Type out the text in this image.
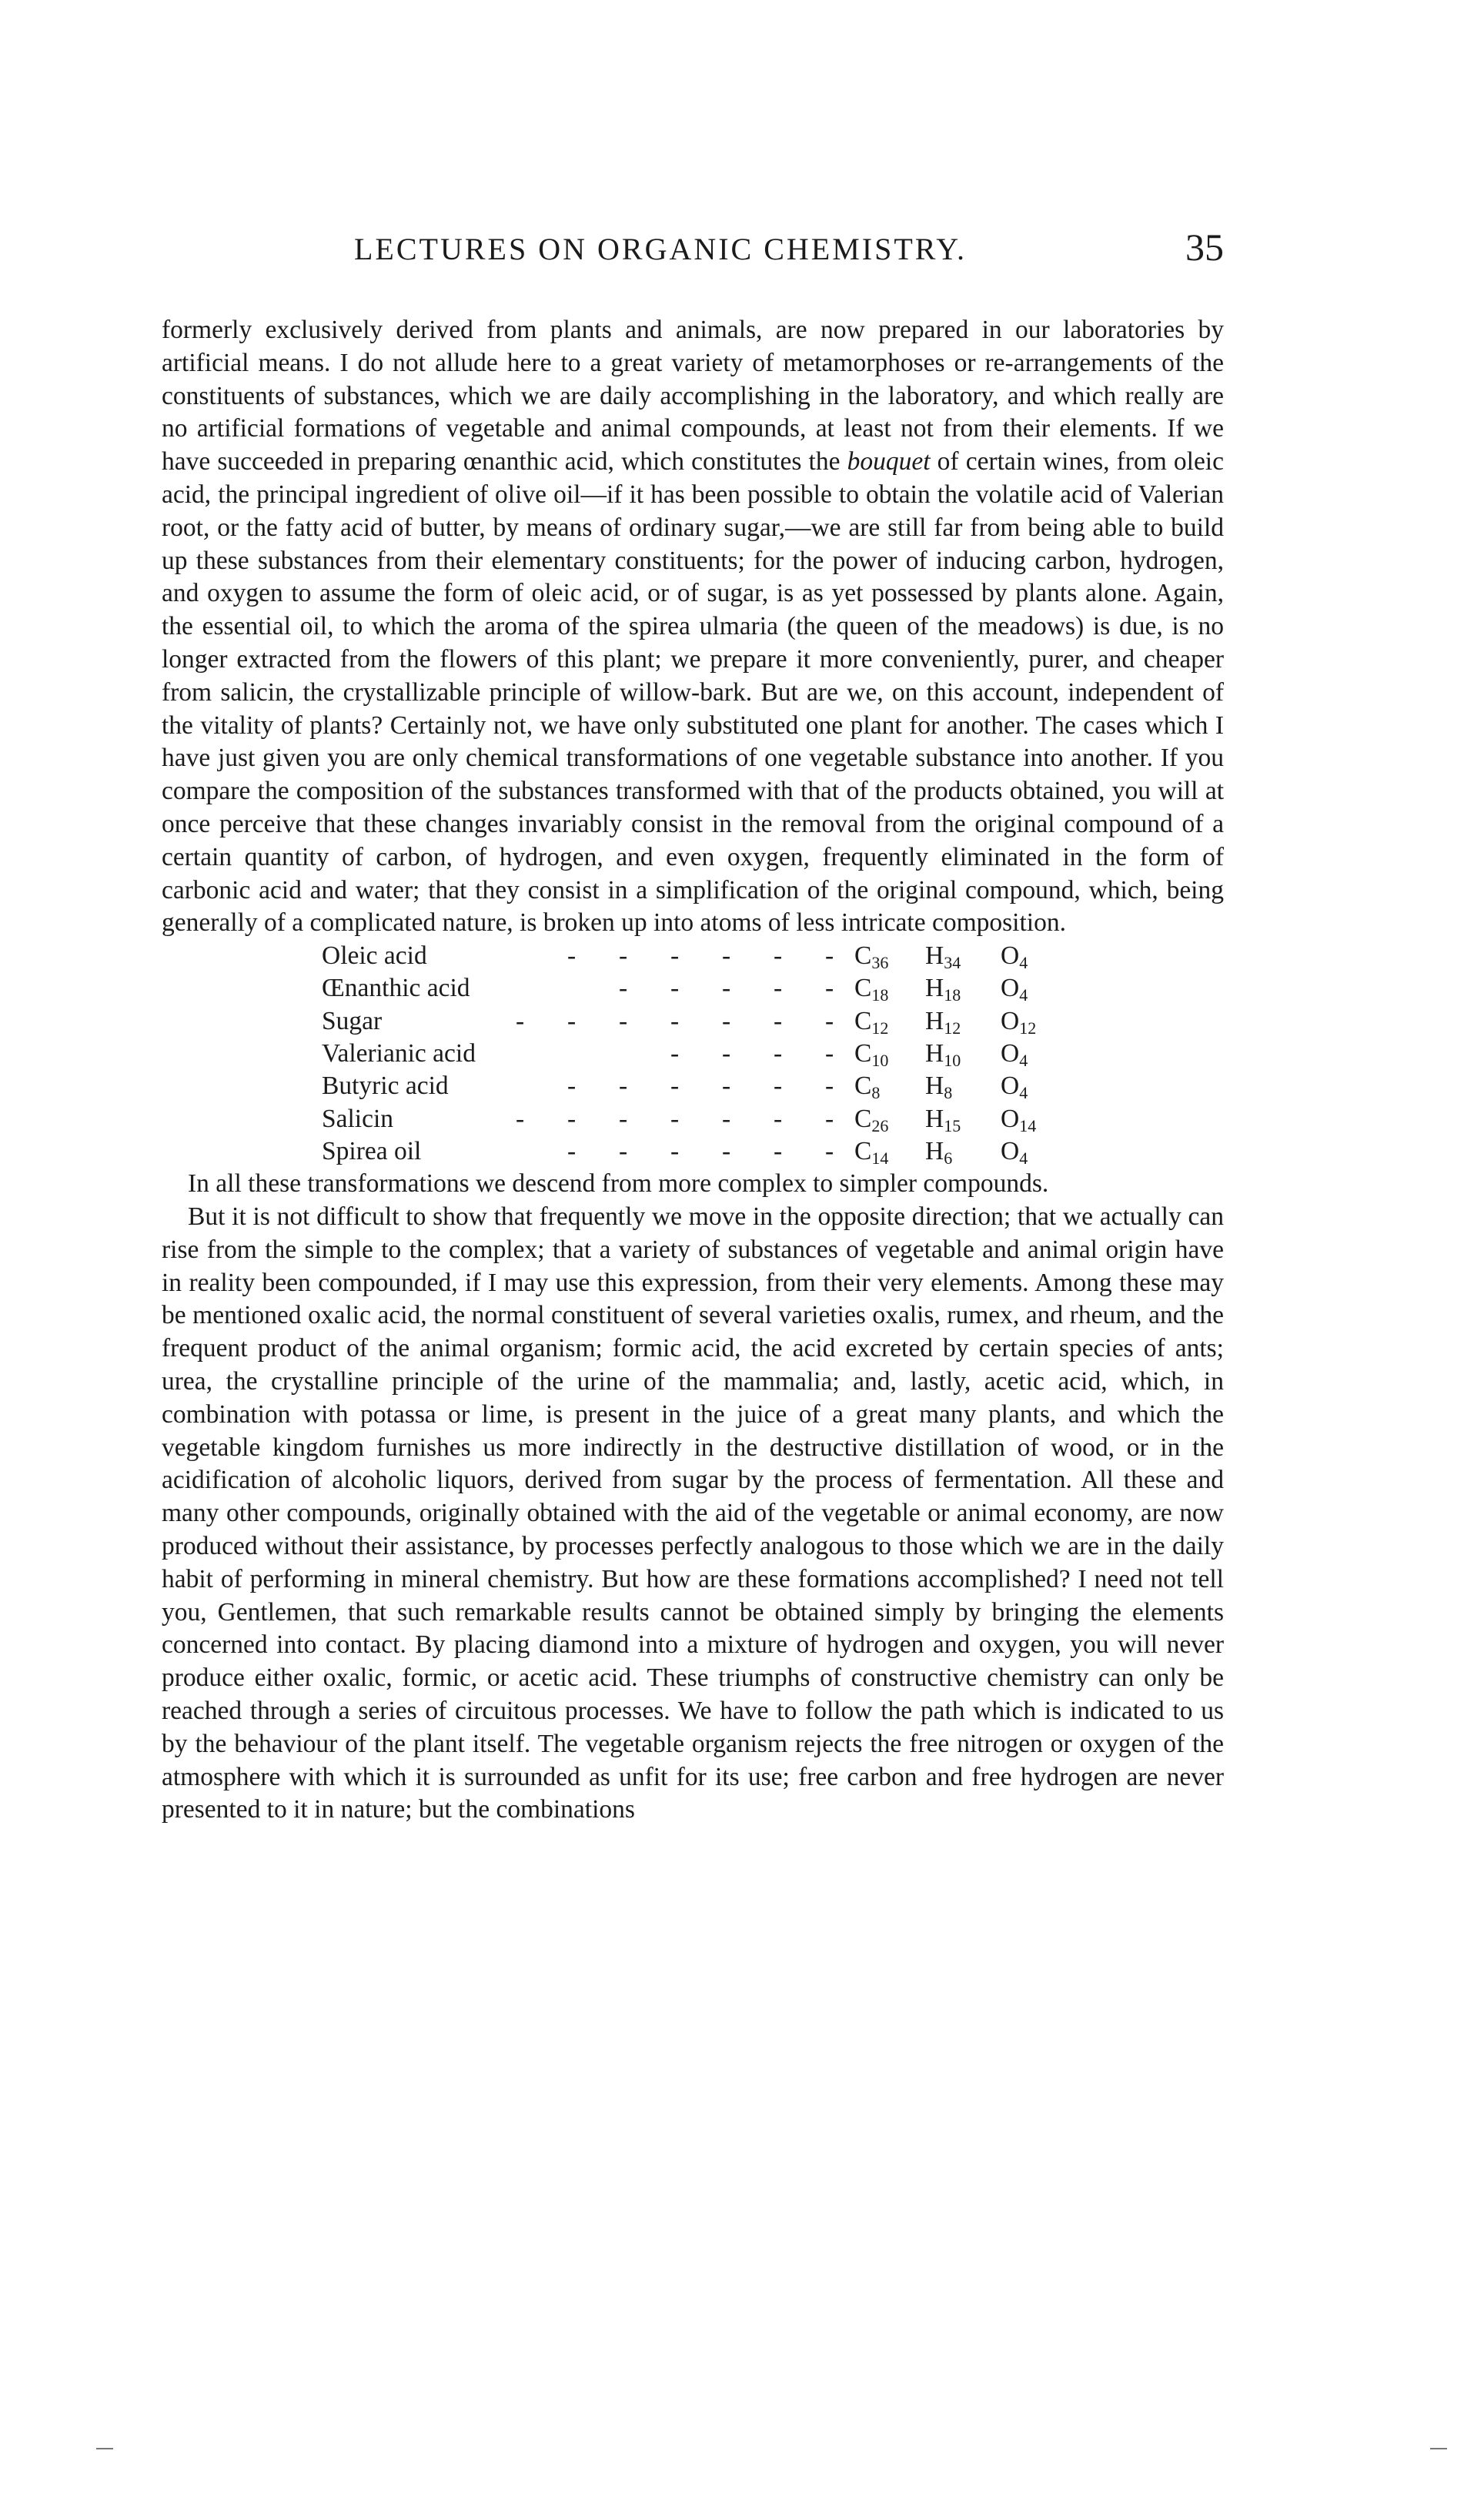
LECTURES ON ORGANIC CHEMISTRY.	35

formerly exclusively derived from plants and animals, are now prepared in our laboratories by artificial means. I do not allude here to a great variety of metamorphoses or re-arrangements of the constituents of substances, which we are daily accomplishing in the laboratory, and which really are no artificial formations of vegetable and animal compounds, at least not from their elements. If we have succeeded in preparing œnanthic acid, which constitutes the bouquet of certain wines, from oleic acid, the principal ingredient of olive oil—if it has been possible to obtain the volatile acid of Valerian root, or the fatty acid of butter, by means of ordinary sugar,—we are still far from being able to build up these substances from their elementary constituents; for the power of inducing carbon, hydrogen, and oxygen to assume the form of oleic acid, or of sugar, is as yet possessed by plants alone. Again, the essential oil, to which the aroma of the spirea ulmaria (the queen of the meadows) is due, is no longer extracted from the flowers of this plant; we prepare it more conveniently, purer, and cheaper from salicin, the crystallizable principle of willow-bark. But are we, on this account, independent of the vitality of plants? Certainly not, we have only substituted one plant for another. The cases which I have just given you are only chemical transformations of one vegetable substance into another. If you compare the composition of the substances transformed with that of the products obtained, you will at once perceive that these changes invariably consist in the removal from the original compound of a certain quantity of carbon, of hydrogen, and even oxygen, frequently eliminated in the form of carbonic acid and water; that they consist in a simplification of the original compound, which, being generally of a complicated nature, is broken up into atoms of less intricate composition.

Oleic acid	- - - - - - $C_{36}$ $H_{34}$ $O_4$
Œnanthic acid	- - - - - $C_{18}$ $H_{18}$ $O_4$
Sugar	- - - - - - - $C_{12}$ $H_{12}$ $O_{12}$
Valerianic acid	- - - - $C_{10}$ $H_{10}$ $O_4$
Butyric acid	- - - - - - $C_8$ $H_8$ $O_4$
Salicin	- - - - - - - $C_{26}$ $H_{15}$ $O_{14}$
Spirea oil	- - - - - - $C_{14}$ $H_6$ $O_4$

In all these transformations we descend from more complex to simpler compounds.

But it is not difficult to show that frequently we move in the opposite direction; that we actually can rise from the simple to the complex; that a variety of substances of vegetable and animal origin have in reality been compounded, if I may use this expression, from their very elements. Among these may be mentioned oxalic acid, the normal constituent of several varieties oxalis, rumex, and rheum, and the frequent product of the animal organism; formic acid, the acid excreted by certain species of ants; urea, the crystalline principle of the urine of the mammalia; and, lastly, acetic acid, which, in combination with potassa or lime, is present in the juice of a great many plants, and which the vegetable kingdom furnishes us more indirectly in the destructive distillation of wood, or in the acidification of alcoholic liquors, derived from sugar by the process of fermentation. All these and many other compounds, originally obtained with the aid of the vegetable or animal economy, are now produced without their assistance, by processes perfectly analogous to those which we are in the daily habit of performing in mineral chemistry. But how are these formations accomplished? I need not tell you, Gentlemen, that such remarkable results cannot be obtained simply by bringing the elements concerned into contact. By placing diamond into a mixture of hydrogen and oxygen, you will never produce either oxalic, formic, or acetic acid. These triumphs of constructive chemistry can only be reached through a series of circuitous processes. We have to follow the path which is indicated to us by the behaviour of the plant itself. The vegetable organism rejects the free nitrogen or oxygen of the atmosphere with which it is surrounded as unfit for its use; free carbon and free hydrogen are never presented to it in nature; but the combinations
